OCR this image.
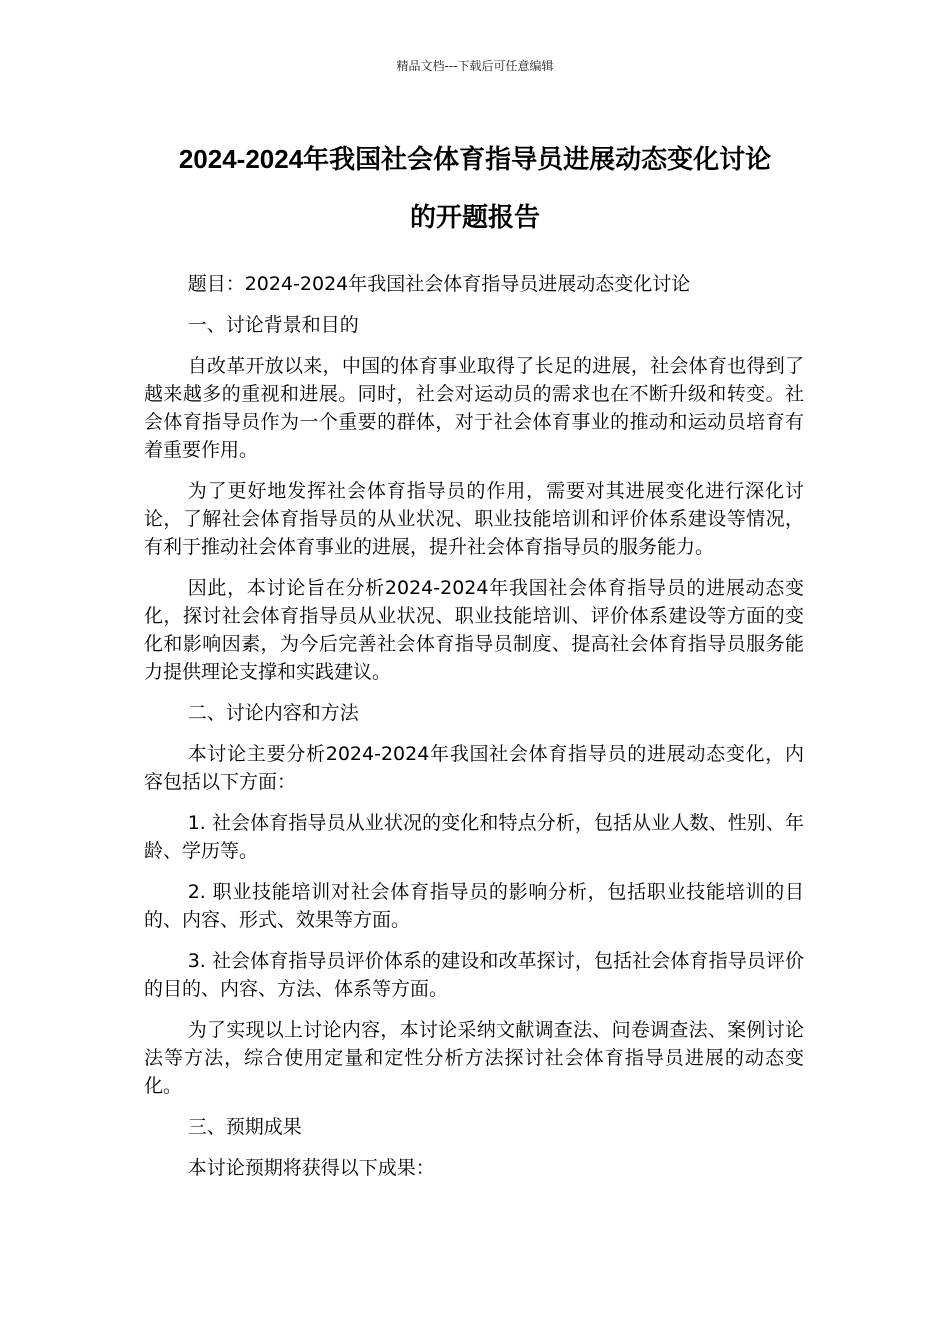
精品文档---下载后可任意编辑
2024-2024年我国社会体育指导员进展动态变化讨论
的开题报告

题目：2024-2024年我国社会体育指导员进展动态变化讨论

一、讨论背景和目的

自改革开放以来，中国的体育事业取得了长足的进展，社会体育也得到了越来越多的重视和进展。同时，社会对运动员的需求也在不断升级和转变。社会体育指导员作为一个重要的群体，对于社会体育事业的推动和运动员培育有着重要作用。

为了更好地发挥社会体育指导员的作用，需要对其进展变化进行深化讨论，了解社会体育指导员的从业状况、职业技能培训和评价体系建设等情况，有利于推动社会体育事业的进展，提升社会体育指导员的服务能力。

因此，本讨论旨在分析2024-2024年我国社会体育指导员的进展动态变化，探讨社会体育指导员从业状况、职业技能培训、评价体系建设等方面的变化和影响因素，为今后完善社会体育指导员制度、提高社会体育指导员服务能力提供理论支撑和实践建议。

二、讨论内容和方法

本讨论主要分析2024-2024年我国社会体育指导员的进展动态变化，内容包括以下方面：

1. 社会体育指导员从业状况的变化和特点分析，包括从业人数、性别、年龄、学历等。

2. 职业技能培训对社会体育指导员的影响分析，包括职业技能培训的目的、内容、形式、效果等方面。

3. 社会体育指导员评价体系的建设和改革探讨，包括社会体育指导员评价的目的、内容、方法、体系等方面。

为了实现以上讨论内容，本讨论采纳文献调查法、问卷调查法、案例讨论法等方法，综合使用定量和定性分析方法探讨社会体育指导员进展的动态变化。

三、预期成果

本讨论预期将获得以下成果：
